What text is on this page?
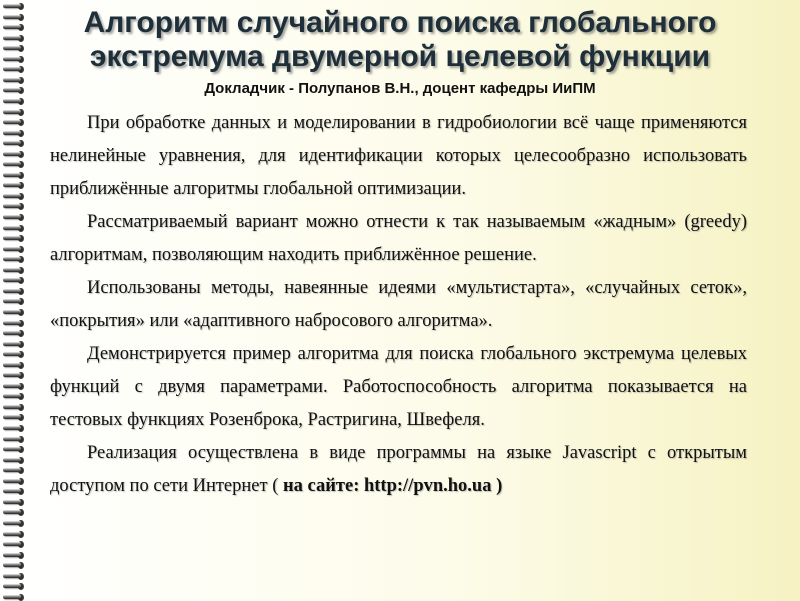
Алгоритм случайного поиска глобального
экстремума двумерной целевой функции
Докладчик - Полупанов В.Н., доцент кафедры ИиПМ

При обработке данных и моделировании в гидробиологии всё чаще применяются нелинейные уравнения, для идентификации которых целесообразно использовать приближённые алгоритмы глобальной оптимизации.

Рассматриваемый вариант можно отнести к так называемым «жадным» (greedy) алгоритмам, позволяющим находить приближённое решение.

Использованы методы, навеянные идеями «мультистарта», «случайных сеток», «покрытия» или «адаптивного набросового алгоритма».

Демонстрируется пример алгоритма для поиска глобального экстремума целевых функций с двумя параметрами. Работоспособность алгоритма показывается на тестовых функциях Розенброка, Растригина, Швефеля.

Реализация осуществлена в виде программы на языке Javascript с открытым доступом по сети Интернет ( на сайте: http://pvn.ho.ua )
